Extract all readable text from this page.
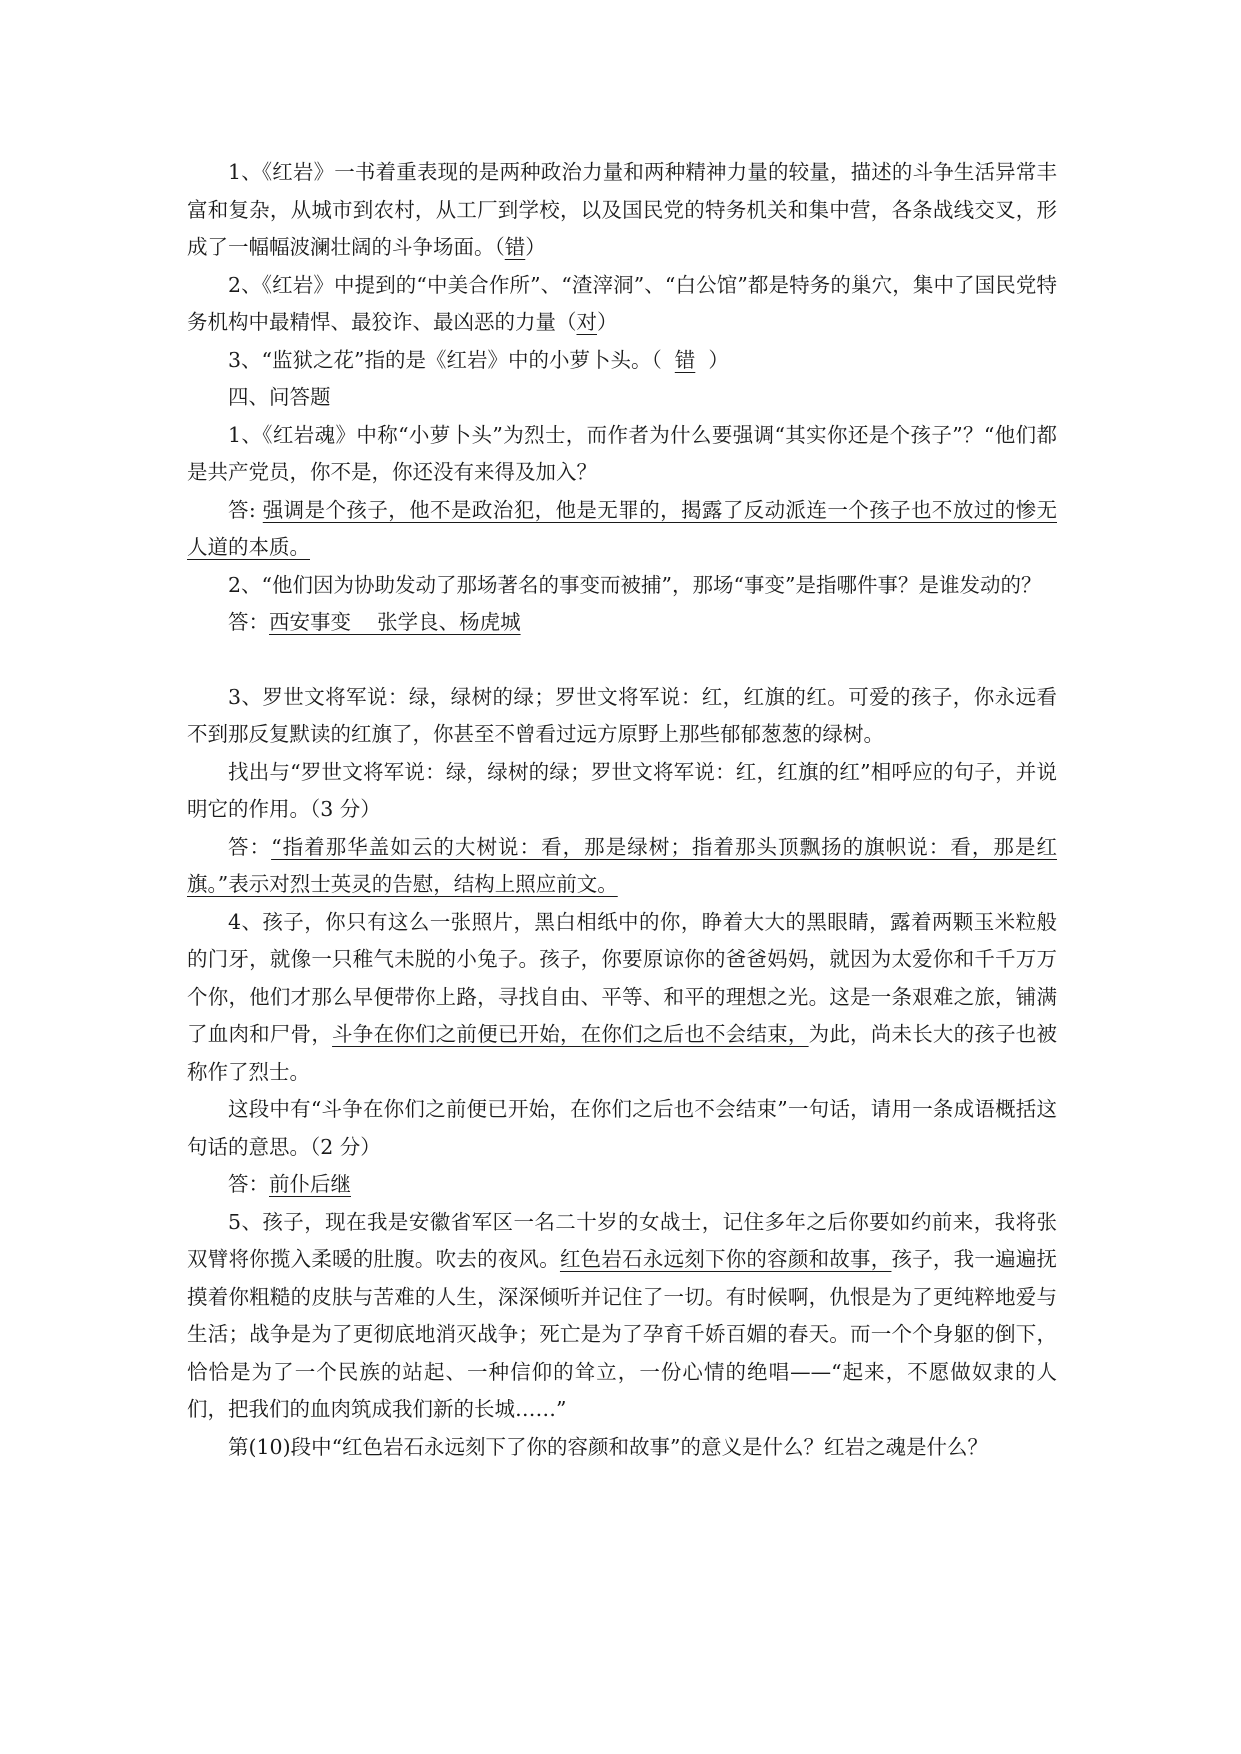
1、《红岩》一书着重表现的是两种政治力量和两种精神力量的较量，描述的斗争生活异常丰富和复杂，从城市到农村，从工厂到学校，以及国民党的特务机关和集中营，各条战线交叉，形成了一幅幅波澜壮阔的斗争场面。（错）

2、《红岩》中提到的“中美合作所”、“渣滓洞”、“白公馆”都是特务的巢穴，集中了国民党特务机构中最精悍、最狡诈、最凶恶的力量（对）

3、“监狱之花”指的是《红岩》中的小萝卜头。（  错  ）

四、问答题

1、《红岩魂》中称“小萝卜头”为烈士，而作者为什么要强调“其实你还是个孩子”？“他们都是共产党员，你不是，你还没有来得及加入？

答: 强调是个孩子，他不是政治犯，他是无罪的，揭露了反动派连一个孩子也不放过的惨无人道的本质。

2、“他们因为协助发动了那场著名的事变而被捕”，那场“事变”是指哪件事？是谁发动的？

答：西安事变    张学良、杨虎城

3、罗世文将军说：绿，绿树的绿；罗世文将军说：红，红旗的红。可爱的孩子，你永远看不到那反复默读的红旗了，你甚至不曾看过远方原野上那些郁郁葱葱的绿树。

找出与“罗世文将军说：绿，绿树的绿；罗世文将军说：红，红旗的红”相呼应的句子，并说明它的作用。（3 分）

答：“指着那华盖如云的大树说：看，那是绿树；指着那头顶飘扬的旗帜说：看，那是红旗。”表示对烈士英灵的告慰，结构上照应前文。

4、孩子，你只有这么一张照片，黑白相纸中的你，睁着大大的黑眼睛，露着两颗玉米粒般的门牙，就像一只稚气未脱的小兔子。孩子，你要原谅你的爸爸妈妈，就因为太爱你和千千万万个你，他们才那么早便带你上路，寻找自由、平等、和平的理想之光。这是一条艰难之旅，铺满了血肉和尸骨，斗争在你们之前便已开始，在你们之后也不会结束，为此，尚未长大的孩子也被称作了烈士。

这段中有“斗争在你们之前便已开始，在你们之后也不会结束”一句话，请用一条成语概括这句话的意思。（2 分）

答：前仆后继

5、孩子，现在我是安徽省军区一名二十岁的女战士，记住多年之后你要如约前来，我将张双臂将你揽入柔暖的肚腹。吹去的夜风。红色岩石永远刻下你的容颜和故事，孩子，我一遍遍抚摸着你粗糙的皮肤与苦难的人生，深深倾听并记住了一切。有时候啊，仇恨是为了更纯粹地爱与生活；战争是为了更彻底地消灭战争；死亡是为了孕育千娇百媚的春天。而一个个身躯的倒下，恰恰是为了一个民族的站起、一种信仰的耸立，一份心情的绝唱——“起来，不愿做奴隶的人们，把我们的血肉筑成我们新的长城……”

第(10)段中“红色岩石永远刻下了你的容颜和故事”的意义是什么？红岩之魂是什么？
